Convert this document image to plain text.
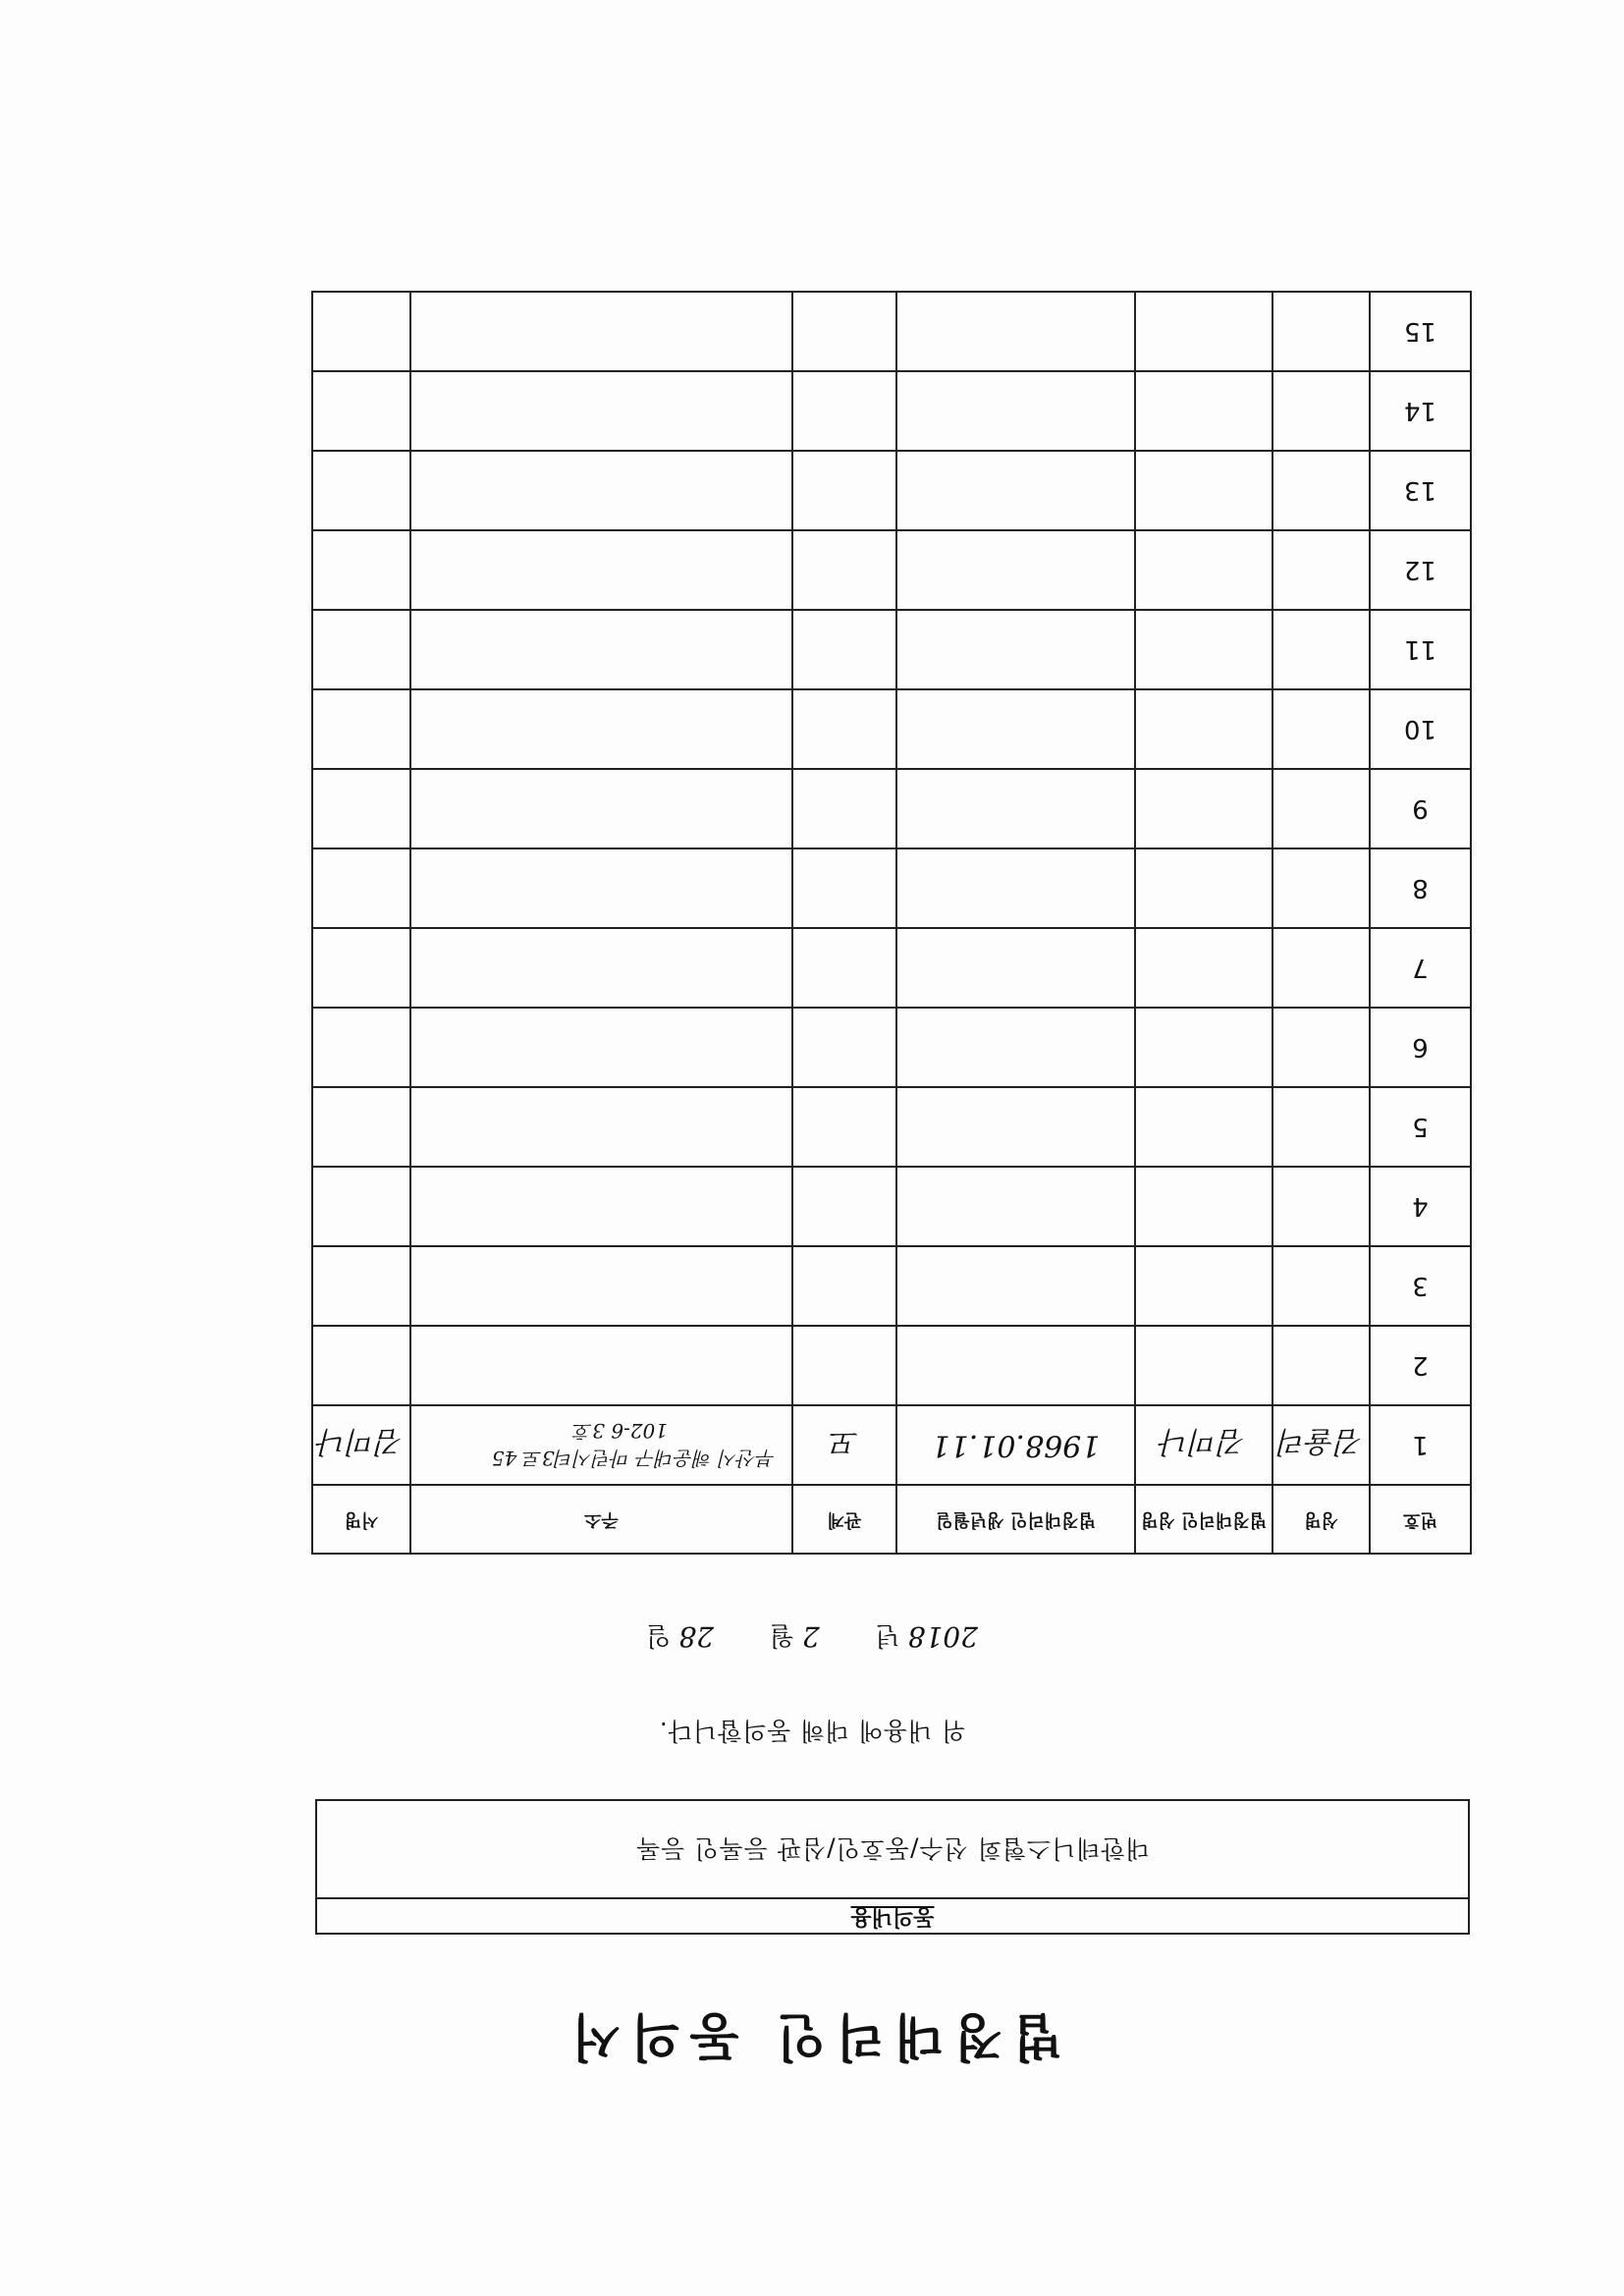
법정대리인 동의서
동의내용
대한테니스협회 선수/동호인/심판 등록인 등록
위 내용에 대해 동의합니다.
2018 년  2 월  28 일
번호	성명	법정대리인 성명	법정대리인 생년월일	관계	주소	서명
1	김율리	김미나	1968.01.11	모	부산시 해운대구 마린시티3로 45
102-6 3호	김미나
2					

3					

4					

5					

6					

7					

8					

9					

10					

11					

12					

13					

14					

15					
